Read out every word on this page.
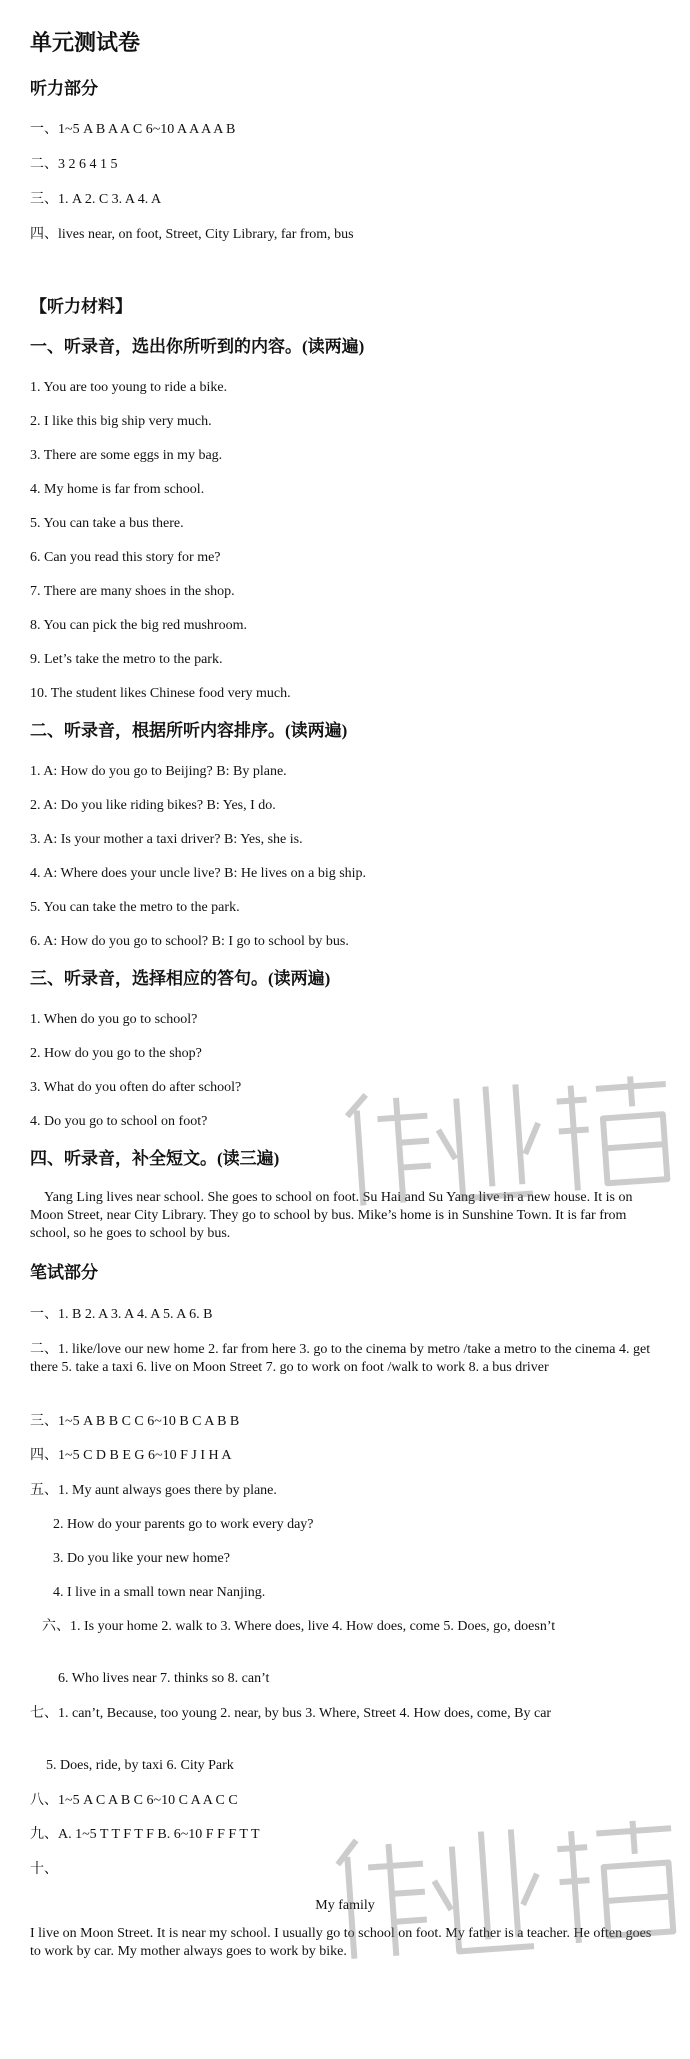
单元测试卷
听力部分
一、1~5 A B A A C 6~10 A A A A B
二、3 2 6 4 1 5
三、1. A 2. C 3. A 4. A
四、lives near, on foot, Street, City Library, far from, bus
【听力材料】
一、听录音，选出你所听到的内容。(读两遍)
1. You are too young to ride a bike.
2. I like this big ship very much.
3. There are some eggs in my bag.
4. My home is far from school.
5. You can take a bus there.
6. Can you read this story for me?
7. There are many shoes in the shop.
8. You can pick the big red mushroom.
9. Let’s take the metro to the park.
10. The student likes Chinese food very much.
二、听录音，根据所听内容排序。(读两遍)
1. A: How do you go to Beijing? B: By plane.
2. A: Do you like riding bikes? B: Yes, I do.
3. A: Is your mother a taxi driver? B: Yes, she is.
4. A: Where does your uncle live? B: He lives on a big ship.
5. You can take the metro to the park.
6. A: How do you go to school? B: I go to school by bus.
三、听录音，选择相应的答句。(读两遍)
1. When do you go to school?
2. How do you go to the shop?
3. What do you often do after school?
4. Do you go to school on foot?
四、听录音，补全短文。(读三遍)
Yang Ling lives near school. She goes to school on foot. Su Hai and Su Yang live in a new house. It is on Moon Street, near City Library. They go to school by bus. Mike’s home is in Sunshine Town. It is far from school, so he goes to school by bus.
笔试部分
一、1. B 2. A 3. A 4. A 5. A 6. B
二、1. like/love our new home 2. far from here 3. go to the cinema by metro /take a metro to the cinema 4. get there 5. take a taxi 6. live on Moon Street 7. go to work on foot /walk to work 8. a bus driver
三、1~5 A B B C C 6~10 B C A B B
四、1~5 C D B E G 6~10 F J I H A
五、1. My aunt always goes there by plane.
2. How do your parents go to work every day?
3. Do you like your new home?
4. I live in a small town near Nanjing.
六、1. Is your home 2. walk to 3. Where does, live 4. How does, come 5. Does, go, doesn’t
6. Who lives near 7. thinks so 8. can’t
七、1. can’t, Because, too young 2. near, by bus 3. Where, Street 4. How does, come, By car
5. Does, ride, by taxi 6. City Park
八、1~5 A C A B C 6~10 C A A C C
九、A. 1~5 T T F T F B. 6~10 F F F T T
十、
My family
I live on Moon Street. It is near my school. I usually go to school on foot. My father is a teacher. He often goes to work by car. My mother always goes to work by bike.
